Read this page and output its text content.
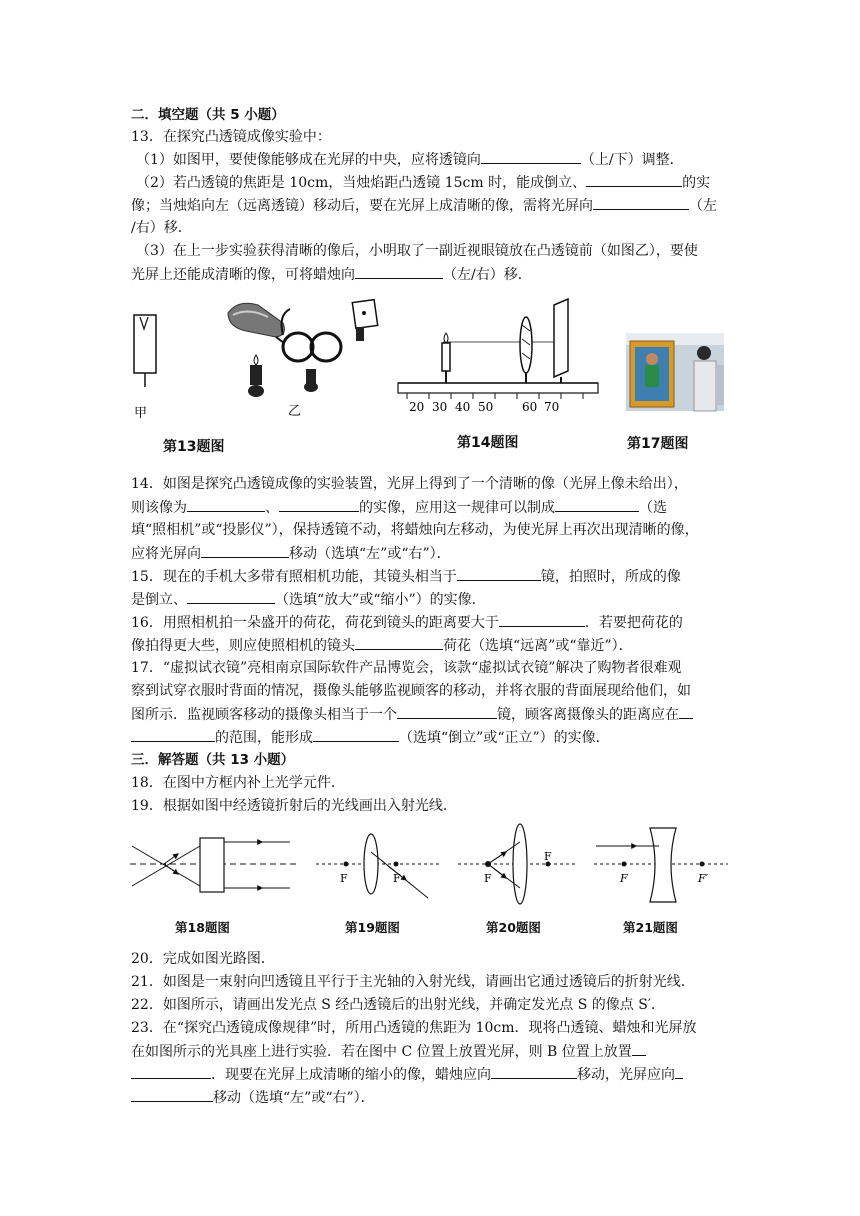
二．填空题（共 5 小题）
13．在探究凸透镜成像实验中：
（1）如图甲，要使像能够成在光屏的中央，应将透镜向	（上/下）调整．
（2）若凸透镜的焦距是 10cm，当烛焰距凸透镜 15cm 时，能成倒立、	的实
像；当烛焰向左（远离透镜）移动后，要在光屏上成清晰的像，需将光屏向	（左
/右）移．
（3）在上一步实验获得清晰的像后，小明取了一副近视眼镜放在凸透镜前（如图乙），要使
光屏上还能成清晰的像，可将蜡烛向	（左/右）移．
甲	乙	20 30 40 50 60 70
第13题图	第14题图	第17题图
14．如图是探究凸透镜成像的实验装置，光屏上得到了一个清晰的像（光屏上像未给出），
则该像为	、	的实像，应用这一规律可以制成	（选
填“照相机”或“投影仪”），保持透镜不动，将蜡烛向左移动，为使光屏上再次出现清晰的像，
应将光屏向	移动（选填“左”或“右”）．
15．现在的手机大多带有照相机功能，其镜头相当于	镜，拍照时，所成的像
是倒立、	（选填“放大”或“缩小”）的实像．
16．用照相机拍一朵盛开的荷花，荷花到镜头的距离要大于	．若要把荷花的
像拍得更大些，则应使照相机的镜头	荷花（选填“远离”或“靠近”）．
17．“虚拟试衣镜”亮相南京国际软件产品博览会，该款“虚拟试衣镜”解决了购物者很难观
察到试穿衣服时背面的情况，摄像头能够监视顾客的移动，并将衣服的背面展现给他们，如
图所示．监视顾客移动的摄像头相当于一个	镜，顾客离摄像头的距离应在
的范围，能形成	（选填“倒立”或“正立”）的实像．
三．解答题（共 13 小题）
18．在图中方框内补上光学元件．
19．根据如图中经透镜折射后的光线画出入射光线．
F	F	F
F
F	F′
第18题图	第19题图	第20题图	第21题图
20．完成如图光路图．
21．如图是一束射向凹透镜且平行于主光轴的入射光线，请画出它通过透镜后的折射光线．
22．如图所示，请画出发光点 S 经凸透镜后的出射光线，并确定发光点 S 的像点 S′．
23．在“探究凸透镜成像规律”时，所用凸透镜的焦距为 10cm．现将凸透镜、蜡烛和光屏放
在如图所示的光具座上进行实验．若在图中 C 位置上放置光屏，则 B 位置上放置
．现要在光屏上成清晰的缩小的像，蜡烛应向	移动，光屏应向
移动（选填“左”或“右”）．
